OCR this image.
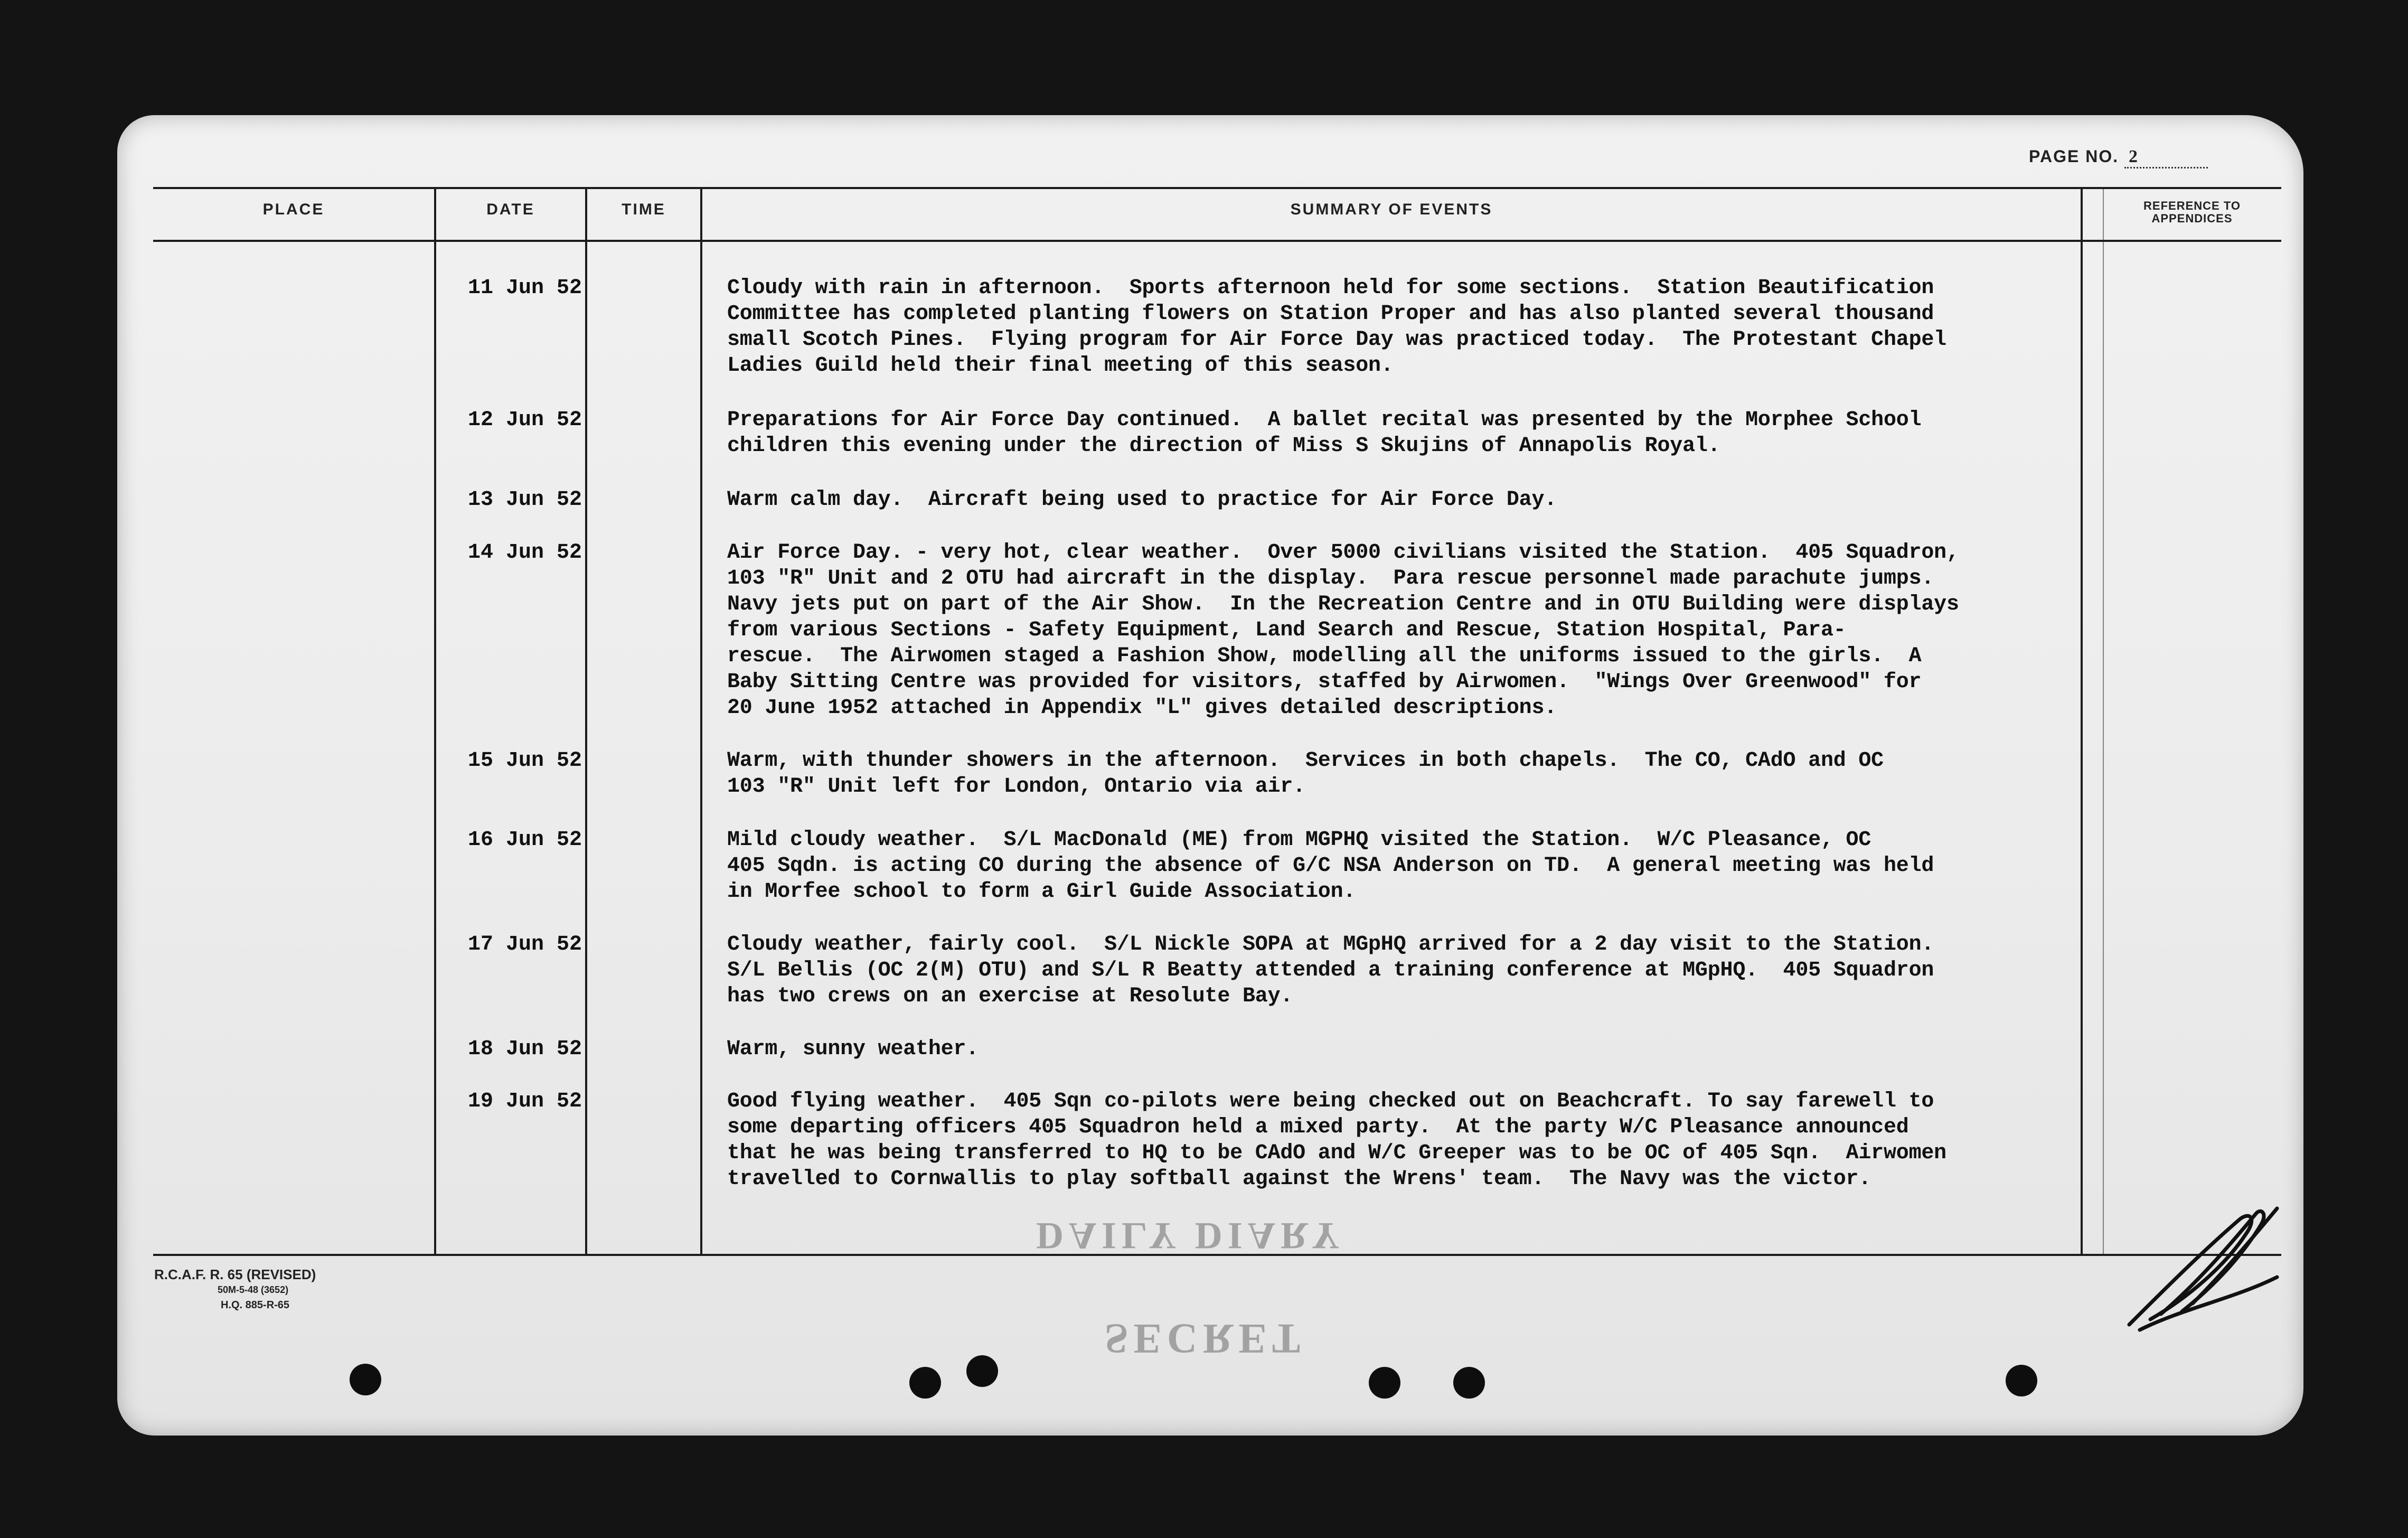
PAGE NO. 2
PLACE	DATE	TIME	SUMMARY OF EVENTS	REFERENCE TO
APPENDICES
11 Jun 52	Cloudy with rain in afternoon.  Sports afternoon held for some sections.  Station Beautification
Committee has completed planting flowers on Station Proper and has also planted several thousand
small Scotch Pines.  Flying program for Air Force Day was practiced today.  The Protestant Chapel
Ladies Guild held their final meeting of this season.
12 Jun 52	Preparations for Air Force Day continued.  A ballet recital was presented by the Morphee School
children this evening under the direction of Miss S Skujins of Annapolis Royal.
13 Jun 52	Warm calm day.  Aircraft being used to practice for Air Force Day.
14 Jun 52	Air Force Day. - very hot, clear weather.  Over 5000 civilians visited the Station.  405 Squadron,
103 "R" Unit and 2 OTU had aircraft in the display.  Para rescue personnel made parachute jumps.
Navy jets put on part of the Air Show.  In the Recreation Centre and in OTU Building were displays
from various Sections - Safety Equipment, Land Search and Rescue, Station Hospital, Para-
rescue.  The Airwomen staged a Fashion Show, modelling all the uniforms issued to the girls.  A
Baby Sitting Centre was provided for visitors, staffed by Airwomen.  "Wings Over Greenwood" for
20 June 1952 attached in Appendix "L" gives detailed descriptions.
15 Jun 52	Warm, with thunder showers in the afternoon.  Services in both chapels.  The CO, CAdO and OC
103 "R" Unit left for London, Ontario via air.
16 Jun 52	Mild cloudy weather.  S/L MacDonald (ME) from MGPHQ visited the Station.  W/C Pleasance, OC
405 Sqdn. is acting CO during the absence of G/C NSA Anderson on TD.  A general meeting was held
in Morfee school to form a Girl Guide Association.
17 Jun 52	Cloudy weather, fairly cool.  S/L Nickle SOPA at MGpHQ arrived for a 2 day visit to the Station.
S/L Bellis (OC 2(M) OTU) and S/L R Beatty attended a training conference at MGpHQ.  405 Squadron
has two crews on an exercise at Resolute Bay.
18 Jun 52	Warm, sunny weather.
19 Jun 52	Good flying weather.  405 Sqn co-pilots were being checked out on Beachcraft. To say farewell to
some departing officers 405 Squadron held a mixed party.  At the party W/C Pleasance announced
that he was being transferred to HQ to be CAdO and W/C Greeper was to be OC of 405 Sqn.  Airwomen
travelled to Cornwallis to play softball against the Wrens' team.  The Navy was the victor.
DAILY DIARY
SECRET
R.C.A.F. R. 65 (REVISED)
50M-5-48 (3652)
H.Q. 885-R-65
